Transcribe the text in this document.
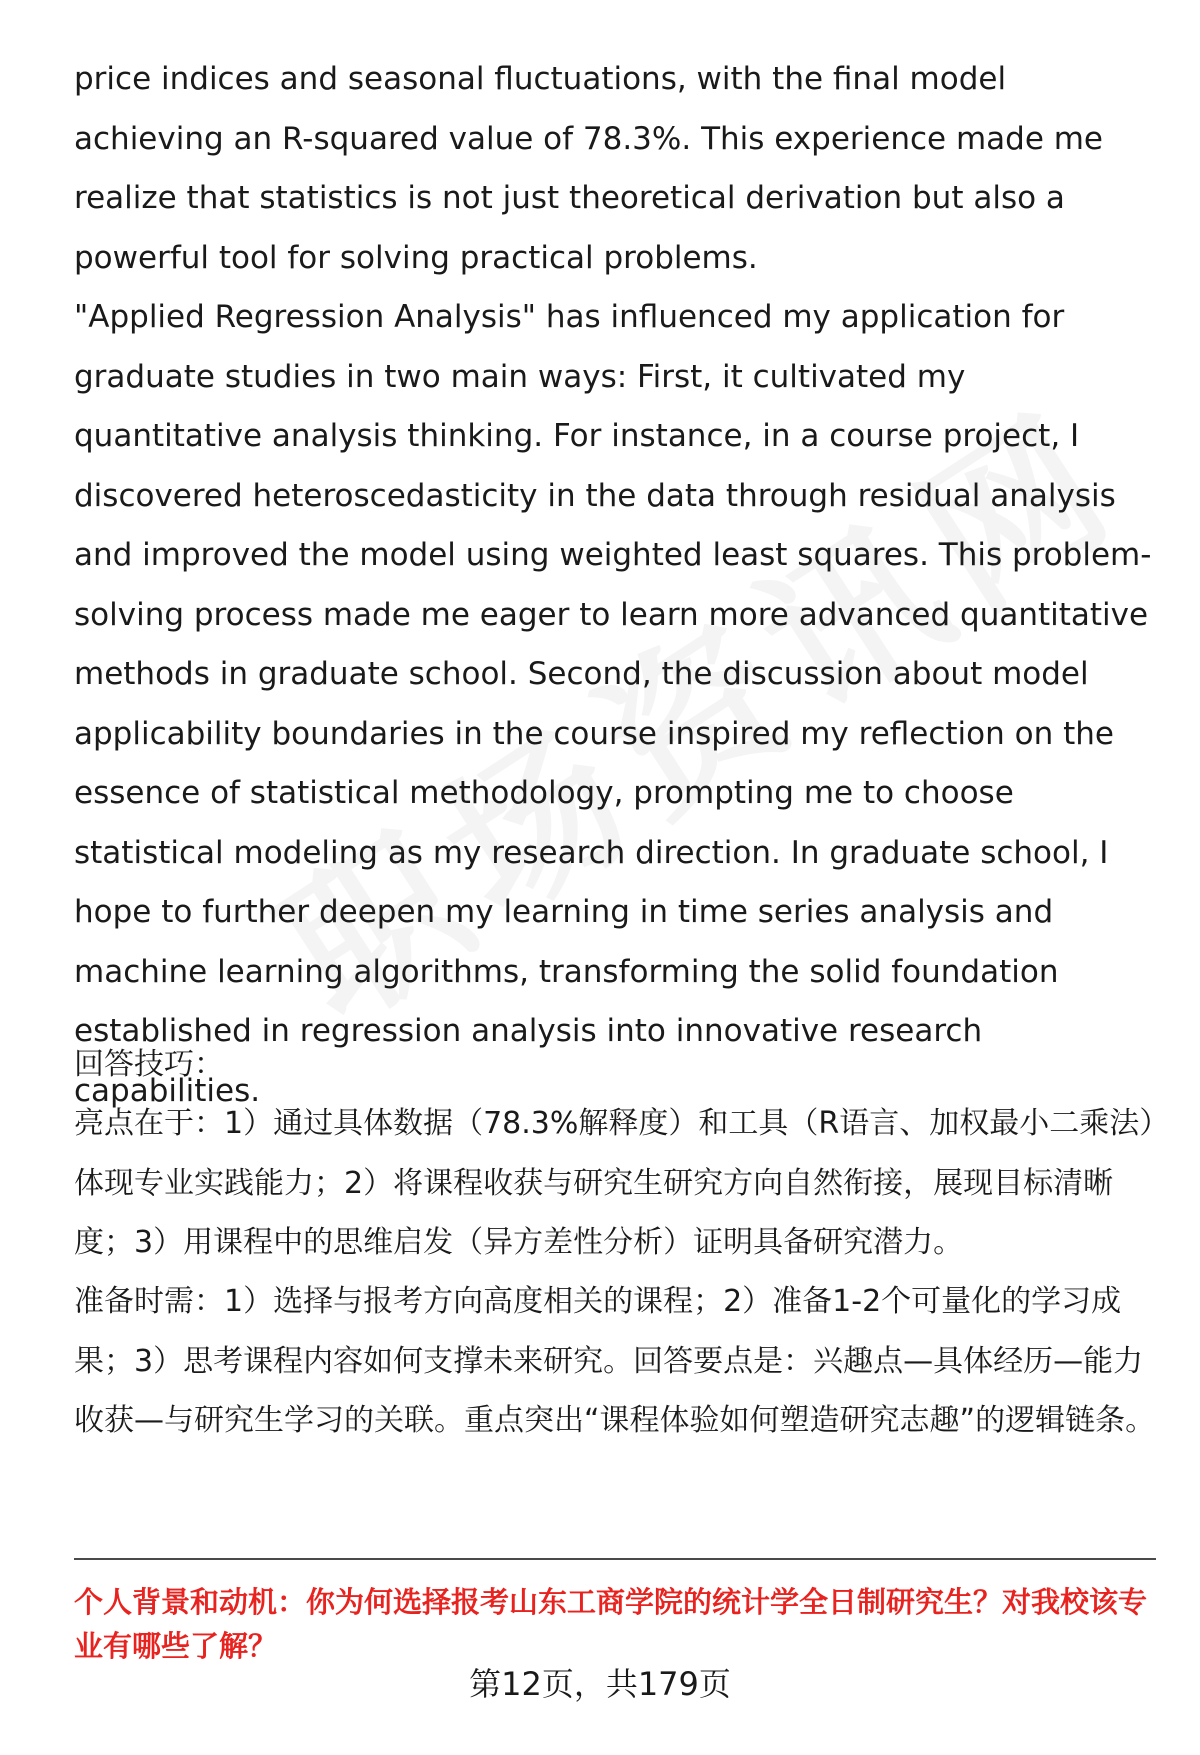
price indices and seasonal fluctuations, with the final model achieving an R-squared value of 78.3%. This experience made me realize that statistics is not just theoretical derivation but also a powerful tool for solving practical problems.

"Applied Regression Analysis" has influenced my application for graduate studies in two main ways: First, it cultivated my quantitative analysis thinking. For instance, in a course project, I discovered heteroscedasticity in the data through residual analysis and improved the model using weighted least squares. This problem-solving process made me eager to learn more advanced quantitative methods in graduate school. Second, the discussion about model applicability boundaries in the course inspired my reflection on the essence of statistical methodology, prompting me to choose statistical modeling as my research direction. In graduate school, I hope to further deepen my learning in time series analysis and machine learning algorithms, transforming the solid foundation established in regression analysis into innovative research capabilities.

回答技巧：

亮点在于：1）通过具体数据（78.3%解释度）和工具（R语言、加权最小二乘法）体现专业实践能力；2）将课程收获与研究生研究方向自然衔接，展现目标清晰度；3）用课程中的思维启发（异方差性分析）证明具备研究潜力。

准备时需：1）选择与报考方向高度相关的课程；2）准备1-2个可量化的学习成果；3）思考课程内容如何支撑未来研究。回答要点是：兴趣点—具体经历—能力收获—与研究生学习的关联。重点突出“课程体验如何塑造研究志趣”的逻辑链条。

个人背景和动机：你为何选择报考山东工商学院的统计学全日制研究生？对我校该专业有哪些了解？

第12页，共179页
